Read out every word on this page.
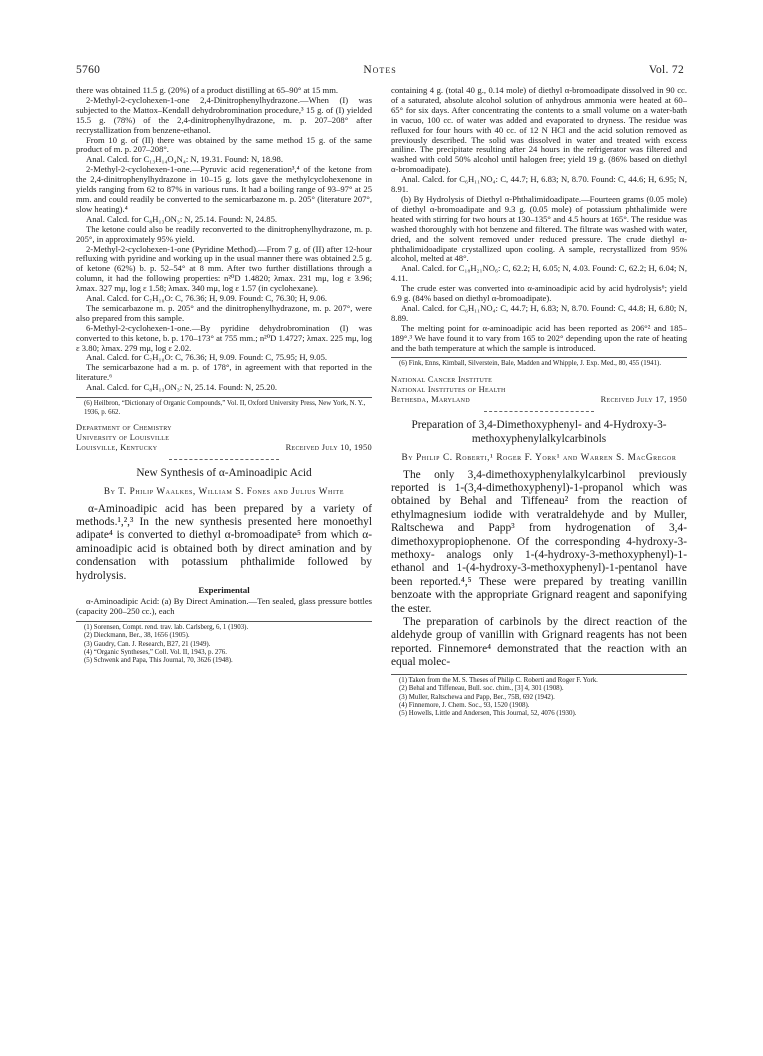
5760	Notes	Vol. 72

there was obtained 11.5 g. (20%) of a product distilling at 65–90° at 15 mm.

2-Methyl-2-cyclohexen-1-one 2,4-Dinitrophenylhydrazone.—When (I) was subjected to the Mattox–Kendall dehydrobromination procedure,³ 15 g. of (I) yielded 15.5 g. (78%) of the 2,4-dinitrophenylhydrazone, m. p. 207–208° after recrystallization from benzene-ethanol.

From 10 g. of (II) there was obtained by the same method 15 g. of the same product of m. p. 207–208°.

Anal. Calcd. for C₁₃H₁₄O₄N₄: N, 19.31. Found: N, 18.98.

2-Methyl-2-cyclohexen-1-one.—Pyruvic acid regeneration³,⁴ of the ketone from the 2,4-dinitrophenylhydrazone in 10–15 g. lots gave the methylcyclohexenone in yields ranging from 62 to 87% in various runs. It had a boiling range of 93–97° at 25 mm. and could readily be converted to the semicarbazone m. p. 205° (literature 207°, slow heating).⁴

Anal. Calcd. for C₈H₁₃ON₃: N, 25.14. Found: N, 24.85.

The ketone could also be readily reconverted to the dinitrophenylhydrazone, m. p. 205°, in approximately 95% yield.

2-Methyl-2-cyclohexen-1-one (Pyridine Method).—From 7 g. of (II) after 12-hour refluxing with pyridine and working up in the usual manner there was obtained 2.5 g. of ketone (62%) b. p. 52–54° at 8 mm. After two further distillations through a column, it had the following properties: n²⁰D 1.4820; λmax. 231 mμ, log ε 3.96; λmax. 327 mμ, log ε 1.58; λmax. 340 mμ, log ε 1.57 (in cyclohexane).

Anal. Calcd. for C₇H₁₀O: C, 76.36; H, 9.09. Found: C, 76.30; H, 9.06.

The semicarbazone m. p. 205° and the dinitrophenylhydrazone, m. p. 207°, were also prepared from this sample.

6-Methyl-2-cyclohexen-1-one.—By pyridine dehydrobromination (I) was converted to this ketone, b. p. 170–173° at 755 mm.; n²⁰D 1.4727; λmax. 225 mμ, log ε 3.80; λmax. 279 mμ, log ε 2.02.

Anal. Calcd. for C₇H₁₀O: C, 76.36; H, 9.09. Found: C, 75.95; H, 9.05.

The semicarbazone had a m. p. of 178°, in agreement with that reported in the literature.⁶

Anal. Calcd. for C₈H₁₃ON₃: N, 25.14. Found: N, 25.20.

(6) Heilbron, “Dictionary of Organic Compounds,” Vol. II, Oxford University Press, New York, N. Y., 1936, p. 662.

Department of Chemistry
University of Louisville
Louisville, Kentucky	Received July 10, 1950
New Synthesis of α-Aminoadipic Acid
By T. Philip Waalkes, William S. Fones and Julius White

α-Aminoadipic acid has been prepared by a variety of methods.¹,²,³ In the new synthesis presented here monoethyl adipate⁴ is converted to diethyl α-bromoadipate⁵ from which α-aminoadipic acid is obtained both by direct amination and by condensation with potassium phthalimide followed by hydrolysis.

Experimental

α-Aminoadipic Acid: (a) By Direct Amination.—Ten sealed, glass pressure bottles (capacity 200–250 cc.), each

(1) Sorensen, Compt. rend. trav. lab. Carlsberg, 6, 1 (1903).

(2) Dieckmann, Ber., 38, 1656 (1905).

(3) Gaudry, Can. J. Research, B27, 21 (1949).

(4) “Organic Syntheses,” Coll. Vol. II, 1943, p. 276.

(5) Schwenk and Papa, This Journal, 70, 3626 (1948).

containing 4 g. (total 40 g., 0.14 mole) of diethyl α-bromoadipate dissolved in 90 cc. of a saturated, absolute alcohol solution of anhydrous ammonia were heated at 60–65° for six days. After concentrating the contents to a small volume on a water-bath in vacuo, 100 cc. of water was added and evaporated to dryness. The residue was refluxed for four hours with 40 cc. of 12 N HCl and the acid solution removed as previously described. The solid was dissolved in water and treated with excess aniline. The precipitate resulting after 24 hours in the refrigerator was filtered and washed with cold 50% alcohol until halogen free; yield 19 g. (86% based on diethyl α-bromoadipate).

Anal. Calcd. for C₆H₁₁NO₄: C, 44.7; H, 6.83; N, 8.70. Found: C, 44.6; H, 6.95; N, 8.91.

(b) By Hydrolysis of Diethyl α-Phthalimidoadipate.—Fourteen grams (0.05 mole) of diethyl α-bromoadipate and 9.3 g. (0.05 mole) of potassium phthalimide were heated with stirring for two hours at 130–135° and 4.5 hours at 165°. The residue was washed thoroughly with hot benzene and filtered. The filtrate was washed with water, dried, and the solvent removed under reduced pressure. The crude diethyl α-phthalimidoadipate crystallized upon cooling. A sample, recrystallized from 95% alcohol, melted at 48°.

Anal. Calcd. for C₁₈H₂₁NO₆: C, 62.2; H, 6.05; N, 4.03. Found: C, 62.2; H, 6.04; N, 4.11.

The crude ester was converted into α-aminoadipic acid by acid hydrolysis⁶; yield 6.9 g. (84% based on diethyl α-bromoadipate).

Anal. Calcd. for C₆H₁₁NO₄: C, 44.7; H, 6.83; N, 8.70. Found: C, 44.8; H, 6.80; N, 8.89.

The melting point for α-aminoadipic acid has been reported as 206°² and 185–189°.³ We have found it to vary from 165 to 202° depending upon the rate of heating and the bath temperature at which the sample is introduced.

(6) Fink, Enns, Kimball, Silverstein, Bale, Madden and Whipple, J. Exp. Med., 80, 455 (1941).

National Cancer Institute
National Institutes of Health
Bethesda, Maryland	Received July 17, 1950
Preparation of 3,4-Dimethoxyphenyl- and 4-Hydroxy-3-methoxyphenylalkylcarbinols
By Philip C. Roberti,¹ Roger F. York¹ and Warren S. MacGregor

The only 3,4-dimethoxyphenylalkylcarbinol previously reported is 1-(3,4-dimethoxyphenyl)-1-propanol which was obtained by Behal and Tiffeneau² from the reaction of ethylmagnesium iodide with veratraldehyde and by Muller, Raltschewa and Papp³ from hydrogenation of 3,4-dimethoxypropiophenone. Of the corresponding 4-hydroxy-3-methoxy- analogs only 1-(4-hydroxy-3-methoxyphenyl)-1-ethanol and 1-(4-hydroxy-3-methoxyphenyl)-1-pentanol have been reported.⁴,⁵ These were prepared by treating vanillin benzoate with the appropriate Grignard reagent and saponifying the ester.

The preparation of carbinols by the direct reaction of the aldehyde group of vanillin with Grignard reagents has not been reported. Finnemore⁴ demonstrated that the reaction with an equal molec-

(1) Taken from the M. S. Theses of Philip C. Roberti and Roger F. York.

(2) Behal and Tiffeneau, Bull. soc. chim., [3] 4, 301 (1908).

(3) Muller, Raltschewa and Papp, Ber., 75B, 692 (1942).

(4) Finnemore, J. Chem. Soc., 93, 1520 (1908).

(5) Howells, Little and Andersen, This Journal, 52, 4076 (1930).
